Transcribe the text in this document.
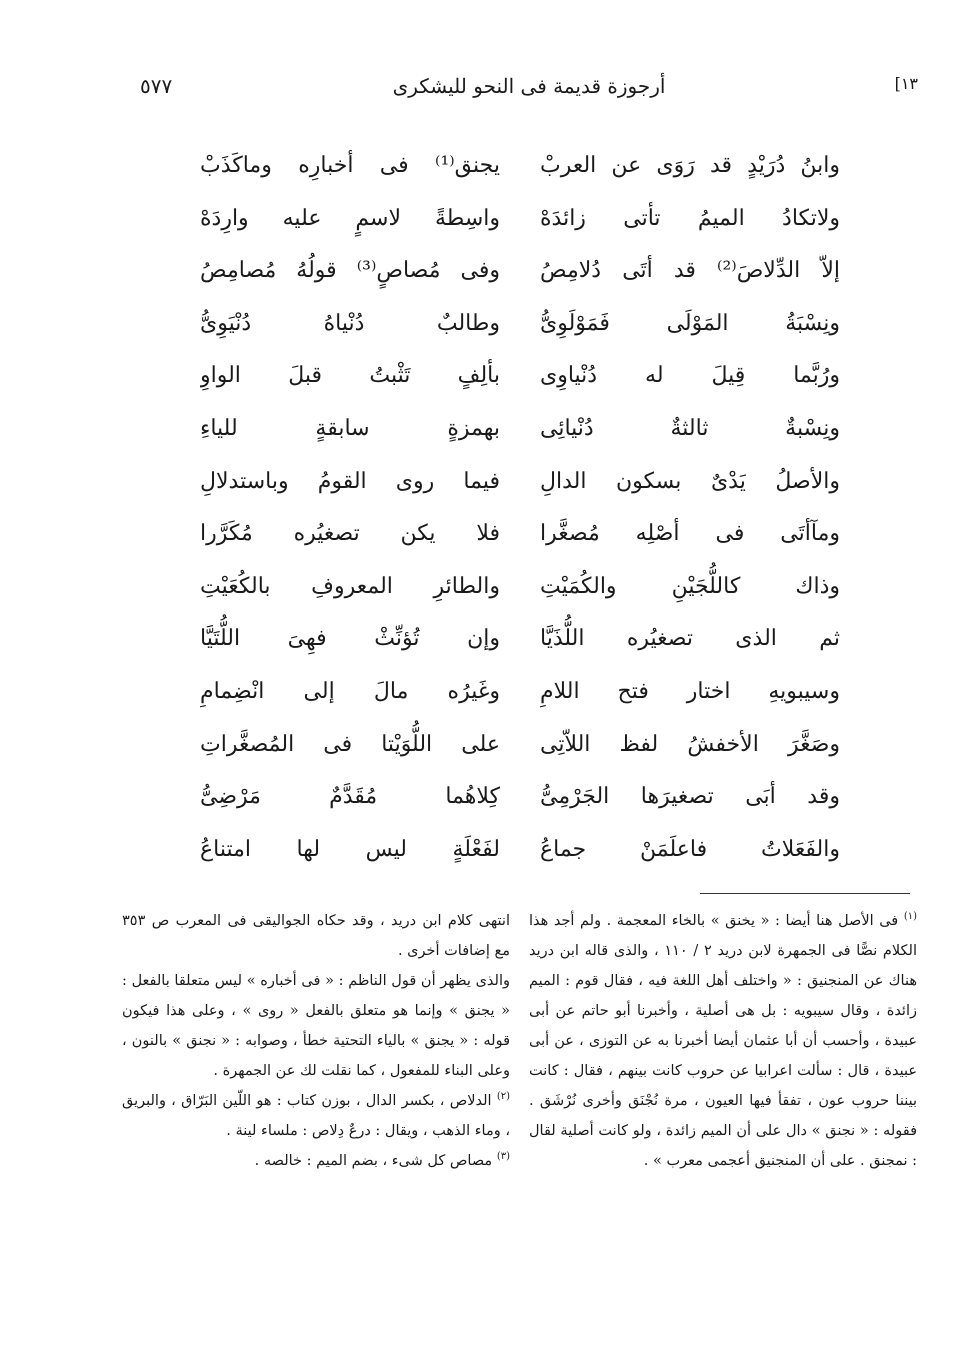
٥٧٧	أرجوزة قديمة فى النحو لليشكرى	[١٣
وابنُ دُرَيْدٍ قد رَوَى عن العربْ
يجنق⁽¹⁾ فى أخبارِه وماكَذَبْ
ولاتكادُ الميمُ تأتى زائدَهْ
واسِطةً لاسمٍ عليه وارِدَهْ
إلاّ الدِّلاصَ⁽²⁾ قد أتَى دُلامِصُ
وفى مُصاصٍ⁽³⁾ قولُهُ مُصامِصُ
ونِسْبَةُ المَوْلَى فَمَوْلَوِىُّ
وطالبٌ دُنْياهُ دُنْيَوِىُّ
ورُبَّما قِيلَ له دُنْياوِى
بألِفٍ تَثْبتُ قبلَ الواوِ
ونِسْبةٌ ثالثةٌ دُنْيائِى
بهمزةٍ سابقةٍ للياءِ
والأصلُ يَدْىٌ بسكون الدالِ
فيما روى القومُ وباستدلالِ
ومآأتَى فى أصْلِه مُصغَّرا
فلا يكن تصغيُره مُكَرَّرا
وذاك كاللُّجَيْنِ والكُمَيْتِ
والطائرِ المعروفِ بالكُعَيْتِ
ثم الذى تصغيُره اللُّذَيَّا
وإن تُؤنِّثْ فهِىَ اللُّتَيَّا
وسيبويهِ اختار فتح اللامِ
وغَيرُه مالَ إلى انْضِمامِ
وصَغَّرَ الأخفشُ لفظ اللاّتِى
على اللُّوَيْتا فى المُصغَّراتِ
وقد أبَى تصغيرَها الجَرْمِىُّ
كِلاهُما مُقَدَّمٌ مَرْضِىُّ
والفَعَلاتُ فاعلَمَنْ جماعُ
لفَعْلَةٍ ليس لها امتناعُ

$^{(١)}$ فى الأصل هنا أيضا : « يخنق » بالخاء المعجمة . ولم أجد هذا الكلام نصًّا فى الجمهرة لابن دريد ٢ / ١١٠ ، والذى قاله ابن دريد هناك عن المنجنيق : « واختلف أهل اللغة فيه ، فقال قوم : الميم زائدة ، وقال سيبويه : بل هى أصلية ، وأخبرنا أبو حاتم عن أبى عبيدة ، وأحسب أن أبا عثمان أيضا أخبرنا به عن التوزى ، عن أبى عبيدة ، قال : سألت اعرابيا عن حروب كانت بينهم ، فقال : كانت بيننا حروب عون ، تفقأ فيها العيون ، مرة نُجْنَق وأخرى نُرْشَق . فقوله : « نجنق » دال على أن الميم زائدة ، ولو كانت أصلية لقال : نمجنق . على أن المنجنيق أعجمى معرب » .

انتهى كلام ابن دريد ، وقد حكاه الجواليقى فى المعرب ص ٣٥٣ مع إضافات أخرى .

والذى يظهر أن قول الناظم : « فى أخباره » ليس متعلقا بالفعل : « يجنق » وإنما هو متعلق بالفعل « روى » ، وعلى هذا فيكون قوله : « يجنق » بالياء التحتية خطأ ، وصوابه : « نجنق » بالنون ، وعلى البناء للمفعول ، كما نقلت لك عن الجمهرة .

$^{(٢)}$ الدلاص ، بكسر الدال ، بوزن كتاب : هو اللّين البَرّاق ، والبريق ، وماء الذهب ، ويقال : درعٌ دِلاص : ملساء لينة .

$^{(٣)}$ مصاص كل شىء ، بضم الميم : خالصه .
